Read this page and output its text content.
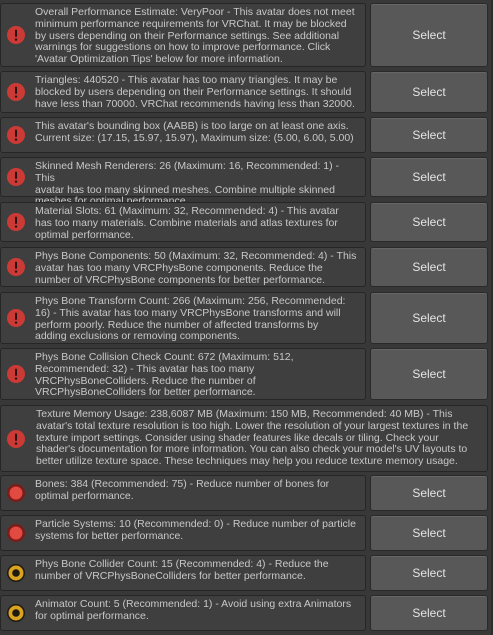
Overall Performance Estimate: VeryPoor - This avatar does not meet
minimum performance requirements for VRChat. It may be blocked
by users depending on their Performance settings. See additional
warnings for suggestions on how to improve performance. Click
'Avatar Optimization Tips' below for more information.
Select
Triangles: 440520 - This avatar has too many triangles. It may be
blocked by users depending on their Performance settings. It should
have less than 70000. VRChat recommends having less than 32000.
Select
This avatar's bounding box (AABB) is too large on at least one axis.
Current size: (17.15, 15.97, 15.97), Maximum size: (5.00, 6.00, 5.00)	Select
Skinned Mesh Renderers: 26 (Maximum: 16, Recommended: 1) - This
avatar has too many skinned meshes. Combine multiple skinned

Select
Material Slots: 61 (Maximum: 32, Recommended: 4) - This avatar
has too many materials. Combine materials and atlas textures for
optimal performance.
Select
Phys Bone Components: 50 (Maximum: 32, Recommended: 4) - This
avatar has too many VRCPhysBone components. Reduce the
number of VRCPhysBone components for better performance.
Select
Phys Bone Transform Count: 266 (Maximum: 256, Recommended:
16) - This avatar has too many VRCPhysBone transforms and will
perform poorly. Reduce the number of affected transforms by
adding exclusions or removing components.
Select
Phys Bone Collision Check Count: 672 (Maximum: 512,
Recommended: 32) - This avatar has too many
VRCPhysBoneColliders. Reduce the number of
VRCPhysBoneColliders for better performance.
Select
Texture Memory Usage: 238,6087 MB (Maximum: 150 MB, Recommended: 40 MB) - This
avatar's total texture resolution is too high. Lower the resolution of your largest textures in the
texture import settings. Consider using shader features like decals or tiling. Check your
shader's documentation for more information. You can also check your model's UV layouts to
better utilize texture space. These techniques may help you reduce texture memory usage.
Bones: 384 (Recommended: 75) - Reduce number of bones for
optimal performance.	Select
Particle Systems: 10 (Recommended: 0) - Reduce number of particle
systems for better performance.	Select
Phys Bone Collider Count: 15 (Recommended: 4) - Reduce the
number of VRCPhysBoneColliders for better performance.	Select
Animator Count: 5 (Recommended: 1) - Avoid using extra Animators
for optimal performance.	Select
